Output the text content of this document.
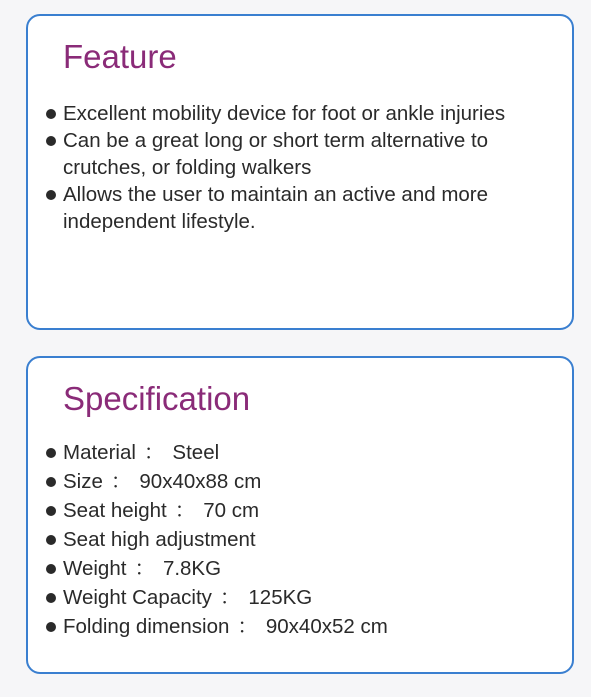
Feature
Excellent mobility device for foot or ankle injuries
Can be a great long or short term alternative to crutches, or folding walkers
Allows the user to maintain an active and more independent lifestyle.
Specification
Material ： Steel
Size ： 90x40x88 cm
Seat height ： 70 cm
Seat high adjustment
Weight ： 7.8KG
Weight Capacity ： 125KG
Folding dimension ： 90x40x52 cm
